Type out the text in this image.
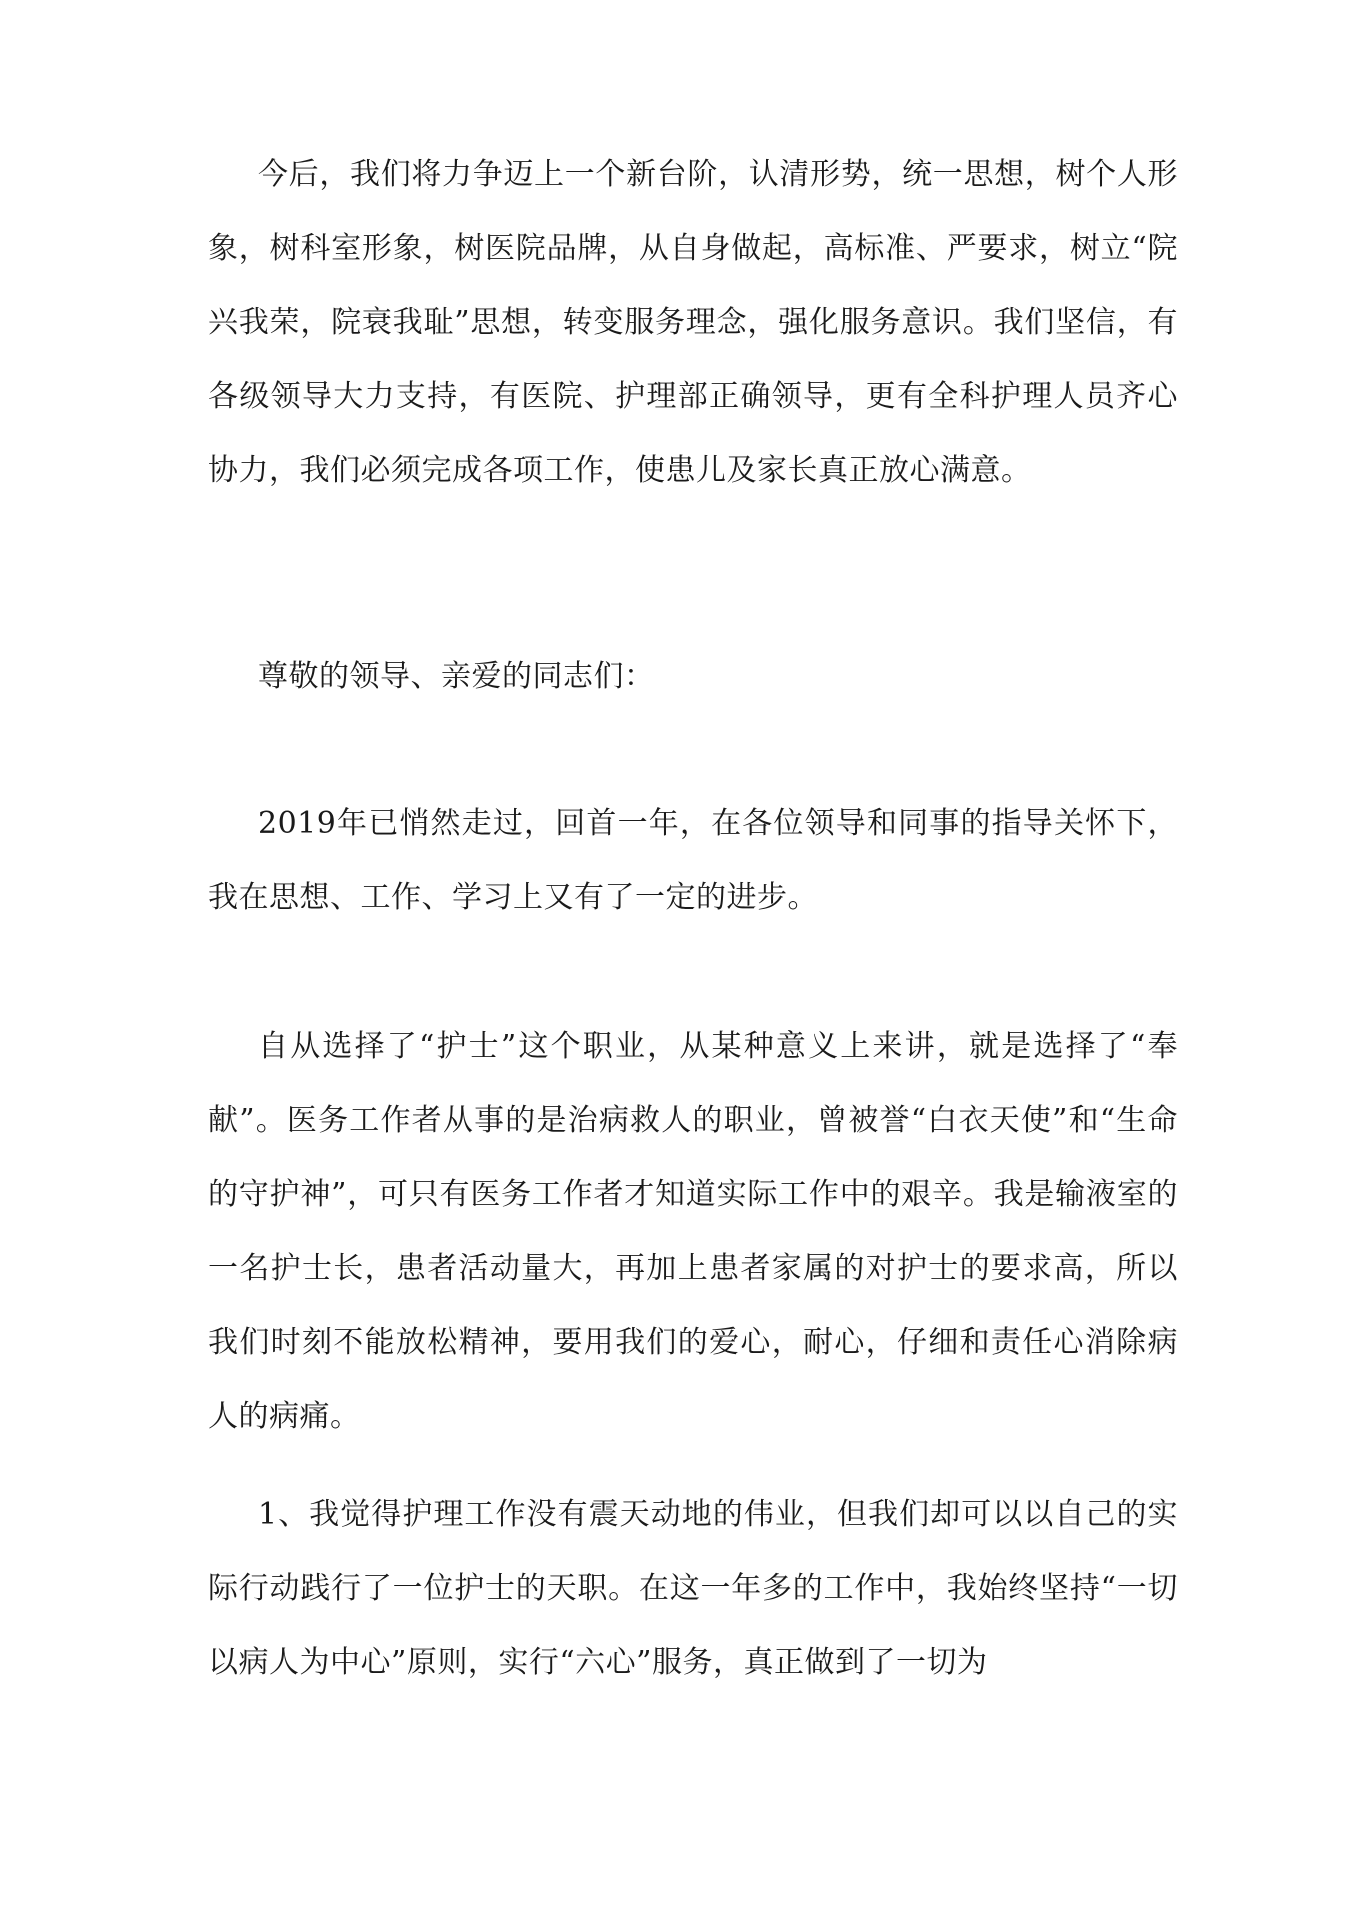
今后，我们将力争迈上一个新台阶，认清形势，统一思想，树个人形象，树科室形象，树医院品牌，从自身做起，高标准、严要求，树立“院兴我荣，院衰我耻”思想，转变服务理念，强化服务意识。我们坚信，有各级领导大力支持，有医院、护理部正确领导，更有全科护理人员齐心协力，我们必须完成各项工作，使患儿及家长真正放心满意。

尊敬的领导、亲爱的同志们：

2019年已悄然走过，回首一年，在各位领导和同事的指导关怀下，我在思想、工作、学习上又有了一定的进步。

自从选择了“护士”这个职业，从某种意义上来讲，就是选择了“奉献”。医务工作者从事的是治病救人的职业，曾被誉“白衣天使”和“生命的守护神”，可只有医务工作者才知道实际工作中的艰辛。我是输液室的一名护士长，患者活动量大，再加上患者家属的对护士的要求高，所以我们时刻不能放松精神，要用我们的爱心，耐心，仔细和责任心消除病人的病痛。

1、我觉得护理工作没有震天动地的伟业，但我们却可以以自己的实际行动践行了一位护士的天职。在这一年多的工作中，我始终坚持“一切以病人为中心”原则，实行“六心”服务，真正做到了一切为
